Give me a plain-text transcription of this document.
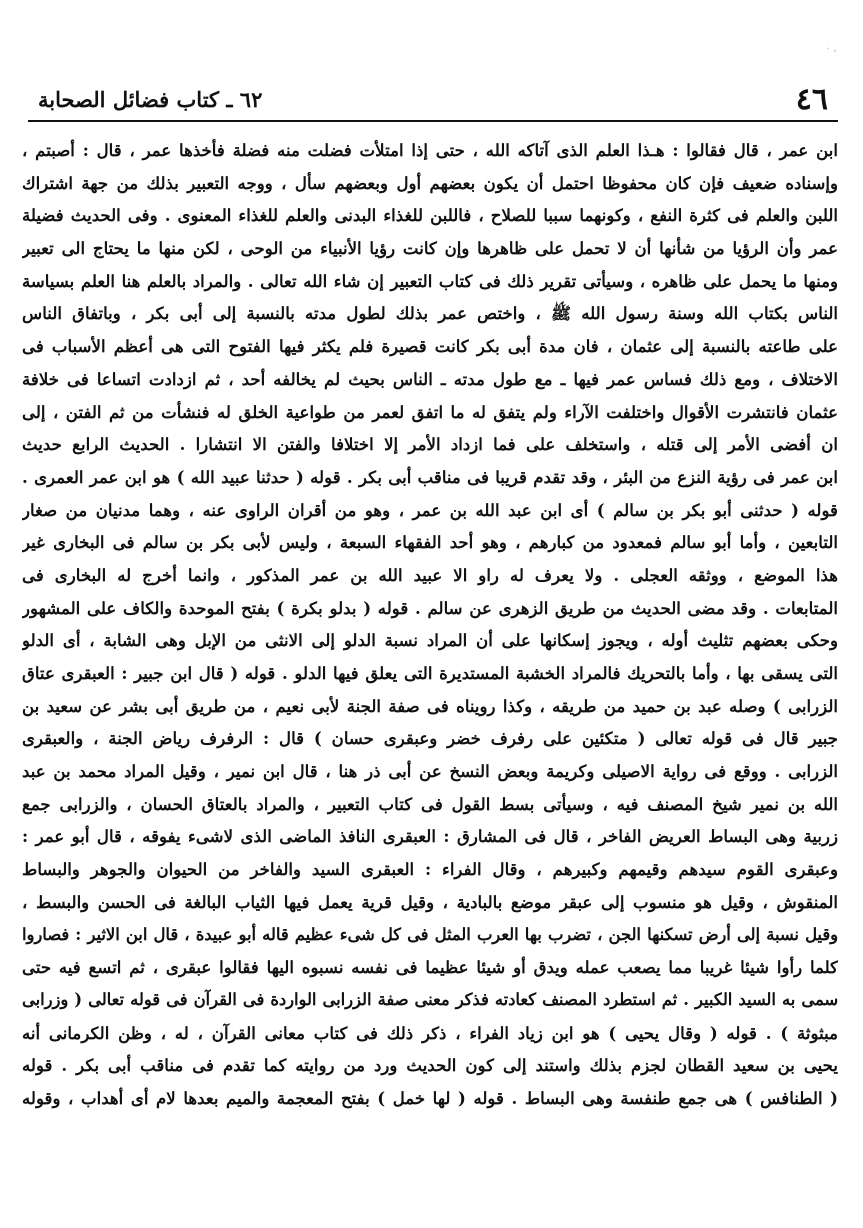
، ·
٤٦
٦٢ ـ كتاب فضائل الصحابة
ابن عمر ، قال فقالوا : هـذا العلم الذى آتاكه الله ، حتى إذا امتلأت فضلت منه فضلة فأخذها عمر ، قال : أصبتم ،
وإسناده ضعيف فإن كان محفوظا احتمل أن يكون بعضهم أول وبعضهم سأل ، ووجه التعبير بذلك من جهة اشتراك
اللبن والعلم فى كثرة النفع ، وكونهما سببا للصلاح ، فاللبن للغذاء البدنى والعلم للغذاء المعنوى . وفى الحديث فضيلة
عمر وأن الرؤيا من شأنها أن لا تحمل على ظاهرها وإن كانت رؤيا الأنبياء من الوحى ، لكن منها ما يحتاج الى تعبير
ومنها ما يحمل على ظاهره ، وسيأتى تقرير ذلك فى كتاب التعبير إن شاء الله تعالى . والمراد بالعلم هنا العلم بسياسة
الناس بكتاب الله وسنة رسول الله ﷺ ، واختص عمر بذلك لطول مدته بالنسبة إلى أبى بكر ، وباتفاق الناس
على طاعته بالنسبة إلى عثمان ، فان مدة أبى بكر كانت قصيرة فلم يكثر فيها الفتوح التى هى أعظم الأسباب فى
الاختلاف ، ومع ذلك فساس عمر فيها ـ مع طول مدته ـ الناس بحيث لم يخالفه أحد ، ثم ازدادت اتساعا فى خلافة
عثمان فانتشرت الأقوال واختلفت الآراء ولم يتفق له ما اتفق لعمر من طواعية الخلق له فنشأت من ثم الفتن ، إلى
ان أفضى الأمر إلى قتله ، واستخلف على فما ازداد الأمر إلا اختلافا والفتن الا انتشارا . الحديث الرابع حديث
ابن عمر فى رؤية النزع من البئر ، وقد تقدم قريبا فى مناقب أبى بكر . قوله ( حدثنا عبيد الله ) هو ابن عمر العمرى .
قوله ( حدثنى أبو بكر بن سالم ) أى ابن عبد الله بن عمر ، وهو من أقران الراوى عنه ، وهما مدنيان من صغار
التابعين ، وأما أبو سالم فمعدود من كبارهم ، وهو أحد الفقهاء السبعة ، وليس لأبى بكر بن سالم فى البخارى غير
هذا الموضع ، ووثقه العجلى . ولا يعرف له راو الا عبيد الله بن عمر المذكور ، وانما أخرج له البخارى فى
المتابعات . وقد مضى الحديث من طريق الزهرى عن سالم . قوله ( بدلو بكرة ) بفتح الموحدة والكاف على المشهور
وحكى بعضهم تثليث أوله ، ويجوز إسكانها على أن المراد نسبة الدلو إلى الانثى من الإبل وهى الشابة ، أى الدلو
التى يسقى بها ، وأما بالتحريك فالمراد الخشبة المستديرة التى يعلق فيها الدلو . قوله ( قال ابن جبير : العبقرى عتاق
الزرابى ) وصله عبد بن حميد من طريقه ، وكذا رويناه فى صفة الجنة لأبى نعيم ، من طريق أبى بشر عن سعيد بن
جبير قال فى قوله تعالى ( متكئين على رفرف خضر وعبقرى حسان ) قال : الرفرف رياض الجنة ، والعبقرى
الزرابى . ووقع فى رواية الاصيلى وكريمة وبعض النسخ عن أبى ذر هنا ، قال ابن نمير ، وقيل المراد محمد بن عبد
الله بن نمير شيخ المصنف فيه ، وسيأتى بسط القول فى كتاب التعبير ، والمراد بالعتاق الحسان ، والزرابى جمع
زربية وهى البساط العريض الفاخر ، قال فى المشارق : العبقرى النافذ الماضى الذى لاشىء يفوقه ، قال أبو عمر :
وعبقرى القوم سيدهم وقيمهم وكبيرهم ، وقال الفراء : العبقرى السيد والفاخر من الحيوان والجوهر والبساط
المنقوش ، وقيل هو منسوب إلى عبقر موضع بالبادية ، وقيل قرية يعمل فيها الثياب البالغة فى الحسن والبسط ،
وقيل نسبة إلى أرض تسكنها الجن ، تضرب بها العرب المثل فى كل شىء عظيم قاله أبو عبيدة ، قال ابن الاثير : فصاروا
كلما رأوا شيئا غريبا مما يصعب عمله ويدق أو شيئا عظيما فى نفسه نسبوه اليها فقالوا عبقرى ، ثم اتسع فيه حتى
سمى به السيد الكبير . ثم استطرد المصنف كعادته فذكر معنى صفة الزرابى الواردة فى القرآن فى قوله تعالى ( وزرابى
مبثوثة ) . قوله ( وقال يحيى ) هو ابن زياد الفراء ، ذكر ذلك فى كتاب معانى القرآن ، له ، وظن الكرمانى أنه
يحيى بن سعيد القطان لجزم بذلك واستند إلى كون الحديث ورد من روايته كما تقدم فى مناقب أبى بكر . قوله
( الطنافس ) هى جمع طنفسة وهى البساط . قوله ( لها خمل ) بفتح المعجمة والميم بعدها لام أى أهداب ، وقوله
